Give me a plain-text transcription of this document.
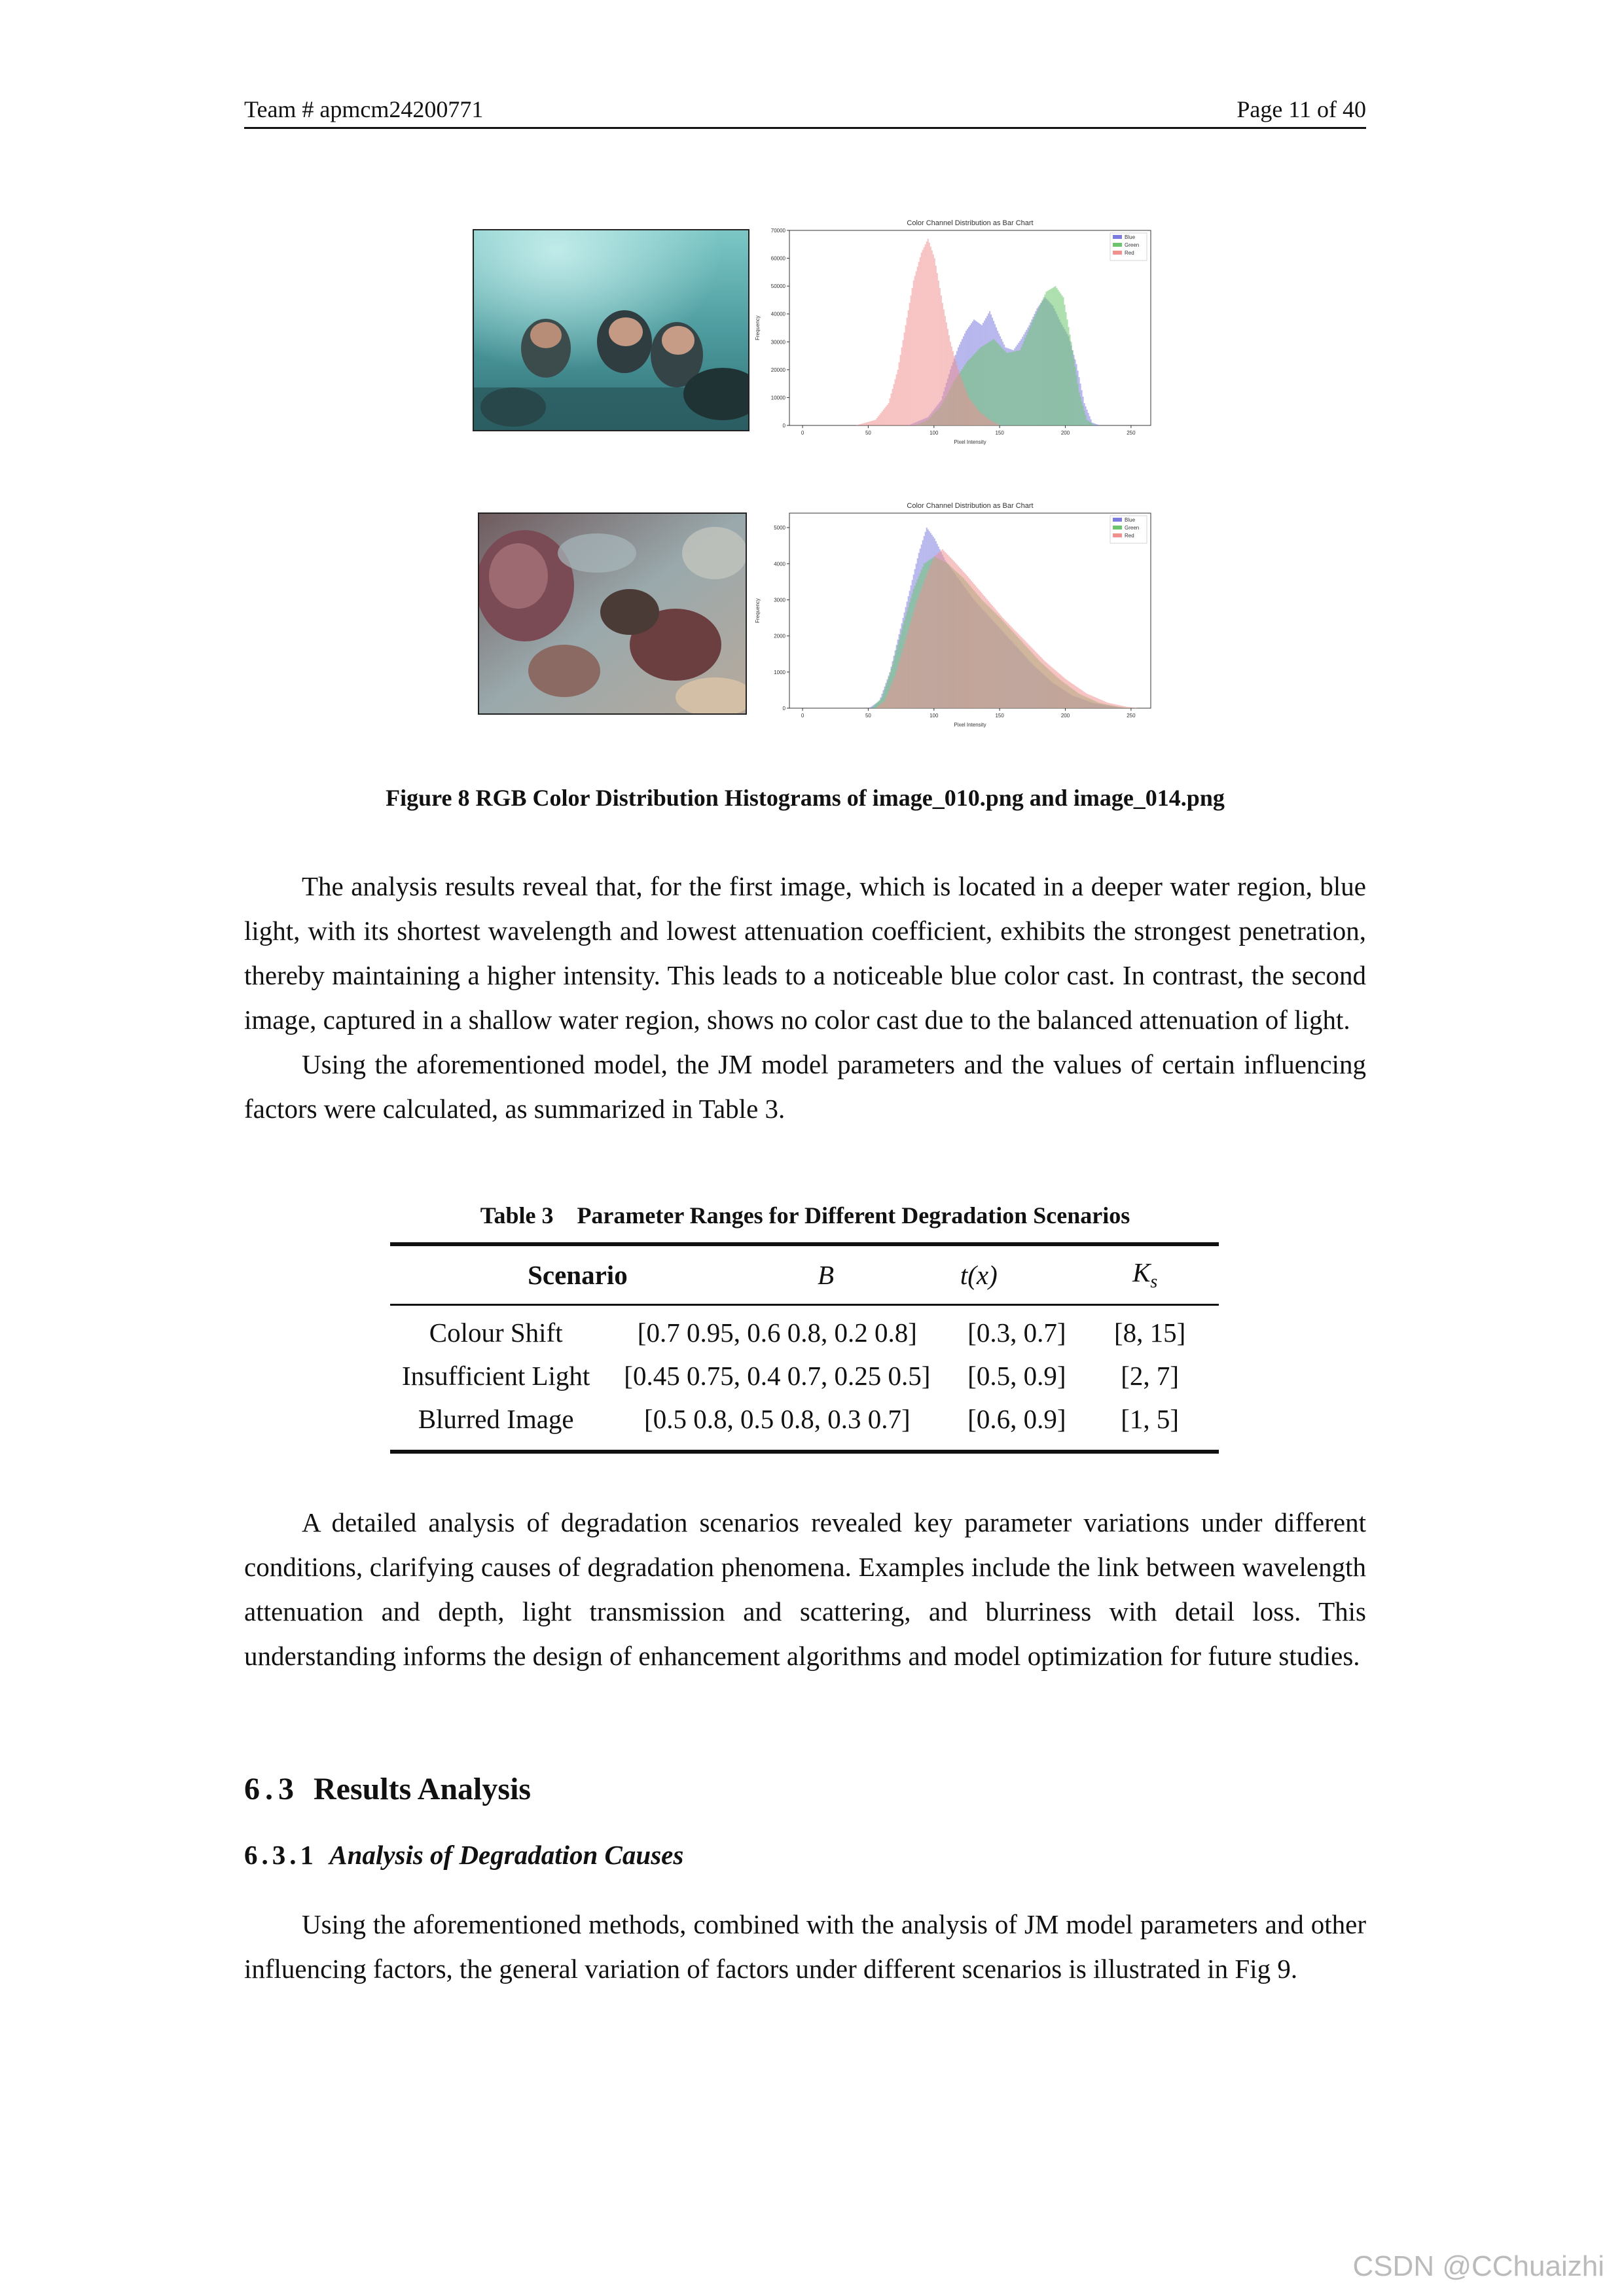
Team # apmcm24200771	Page 11 of 40
Color Channel Distribution as Bar Chart
0	50	100	150	200	250
0
10000
20000
30000
40000
50000
60000
70000
Pixel Intensity
Frequency
Blue
Green
Red
Color Channel Distribution as Bar Chart
0	50	100	150	200	250
0
1000
2000
3000
4000
5000
Pixel Intensity
Frequency
Blue
Green
Red
Figure 8 RGB Color Distribution Histograms of image_010.png and image_014.png

The analysis results reveal that, for the first image, which is located in a deeper water region, blue light, with its shortest wavelength and lowest attenuation coefficient, exhibits the strongest penetration, thereby maintaining a higher intensity. This leads to a noticeable blue color cast. In contrast, the second image, captured in a shallow water region, shows no color cast due to the balanced attenuation of light.

Using the aforementioned model, the JM model parameters and the values of certain influencing factors were calculated, as summarized in Table 3.

Table 3    Parameter Ranges for Different Degradation Scenarios
Scenario	B	t(x)	$K_s$
Colour Shift	[0.7 0.95, 0.6 0.8, 0.2 0.8]	[0.3, 0.7]	[8, 15]
Insufficient Light	[0.45 0.75, 0.4 0.7, 0.25 0.5]	[0.5, 0.9]	[2, 7]
Blurred Image	[0.5 0.8, 0.5 0.8, 0.3 0.7]	[0.6, 0.9]	[1, 5]

A detailed analysis of degradation scenarios revealed key parameter variations under different conditions, clarifying causes of degradation phenomena. Examples include the link between wavelength attenuation and depth, light transmission and scattering, and blurriness with detail loss. This understanding informs the design of enhancement algorithms and model optimization for future studies.

6.3 Results Analysis
6.3.1 Analysis of Degradation Causes

Using the aforementioned methods, combined with the analysis of JM model parameters and other influencing factors, the general variation of factors under different scenarios is illustrated in Fig 9.

CSDN @CChuaizhi
